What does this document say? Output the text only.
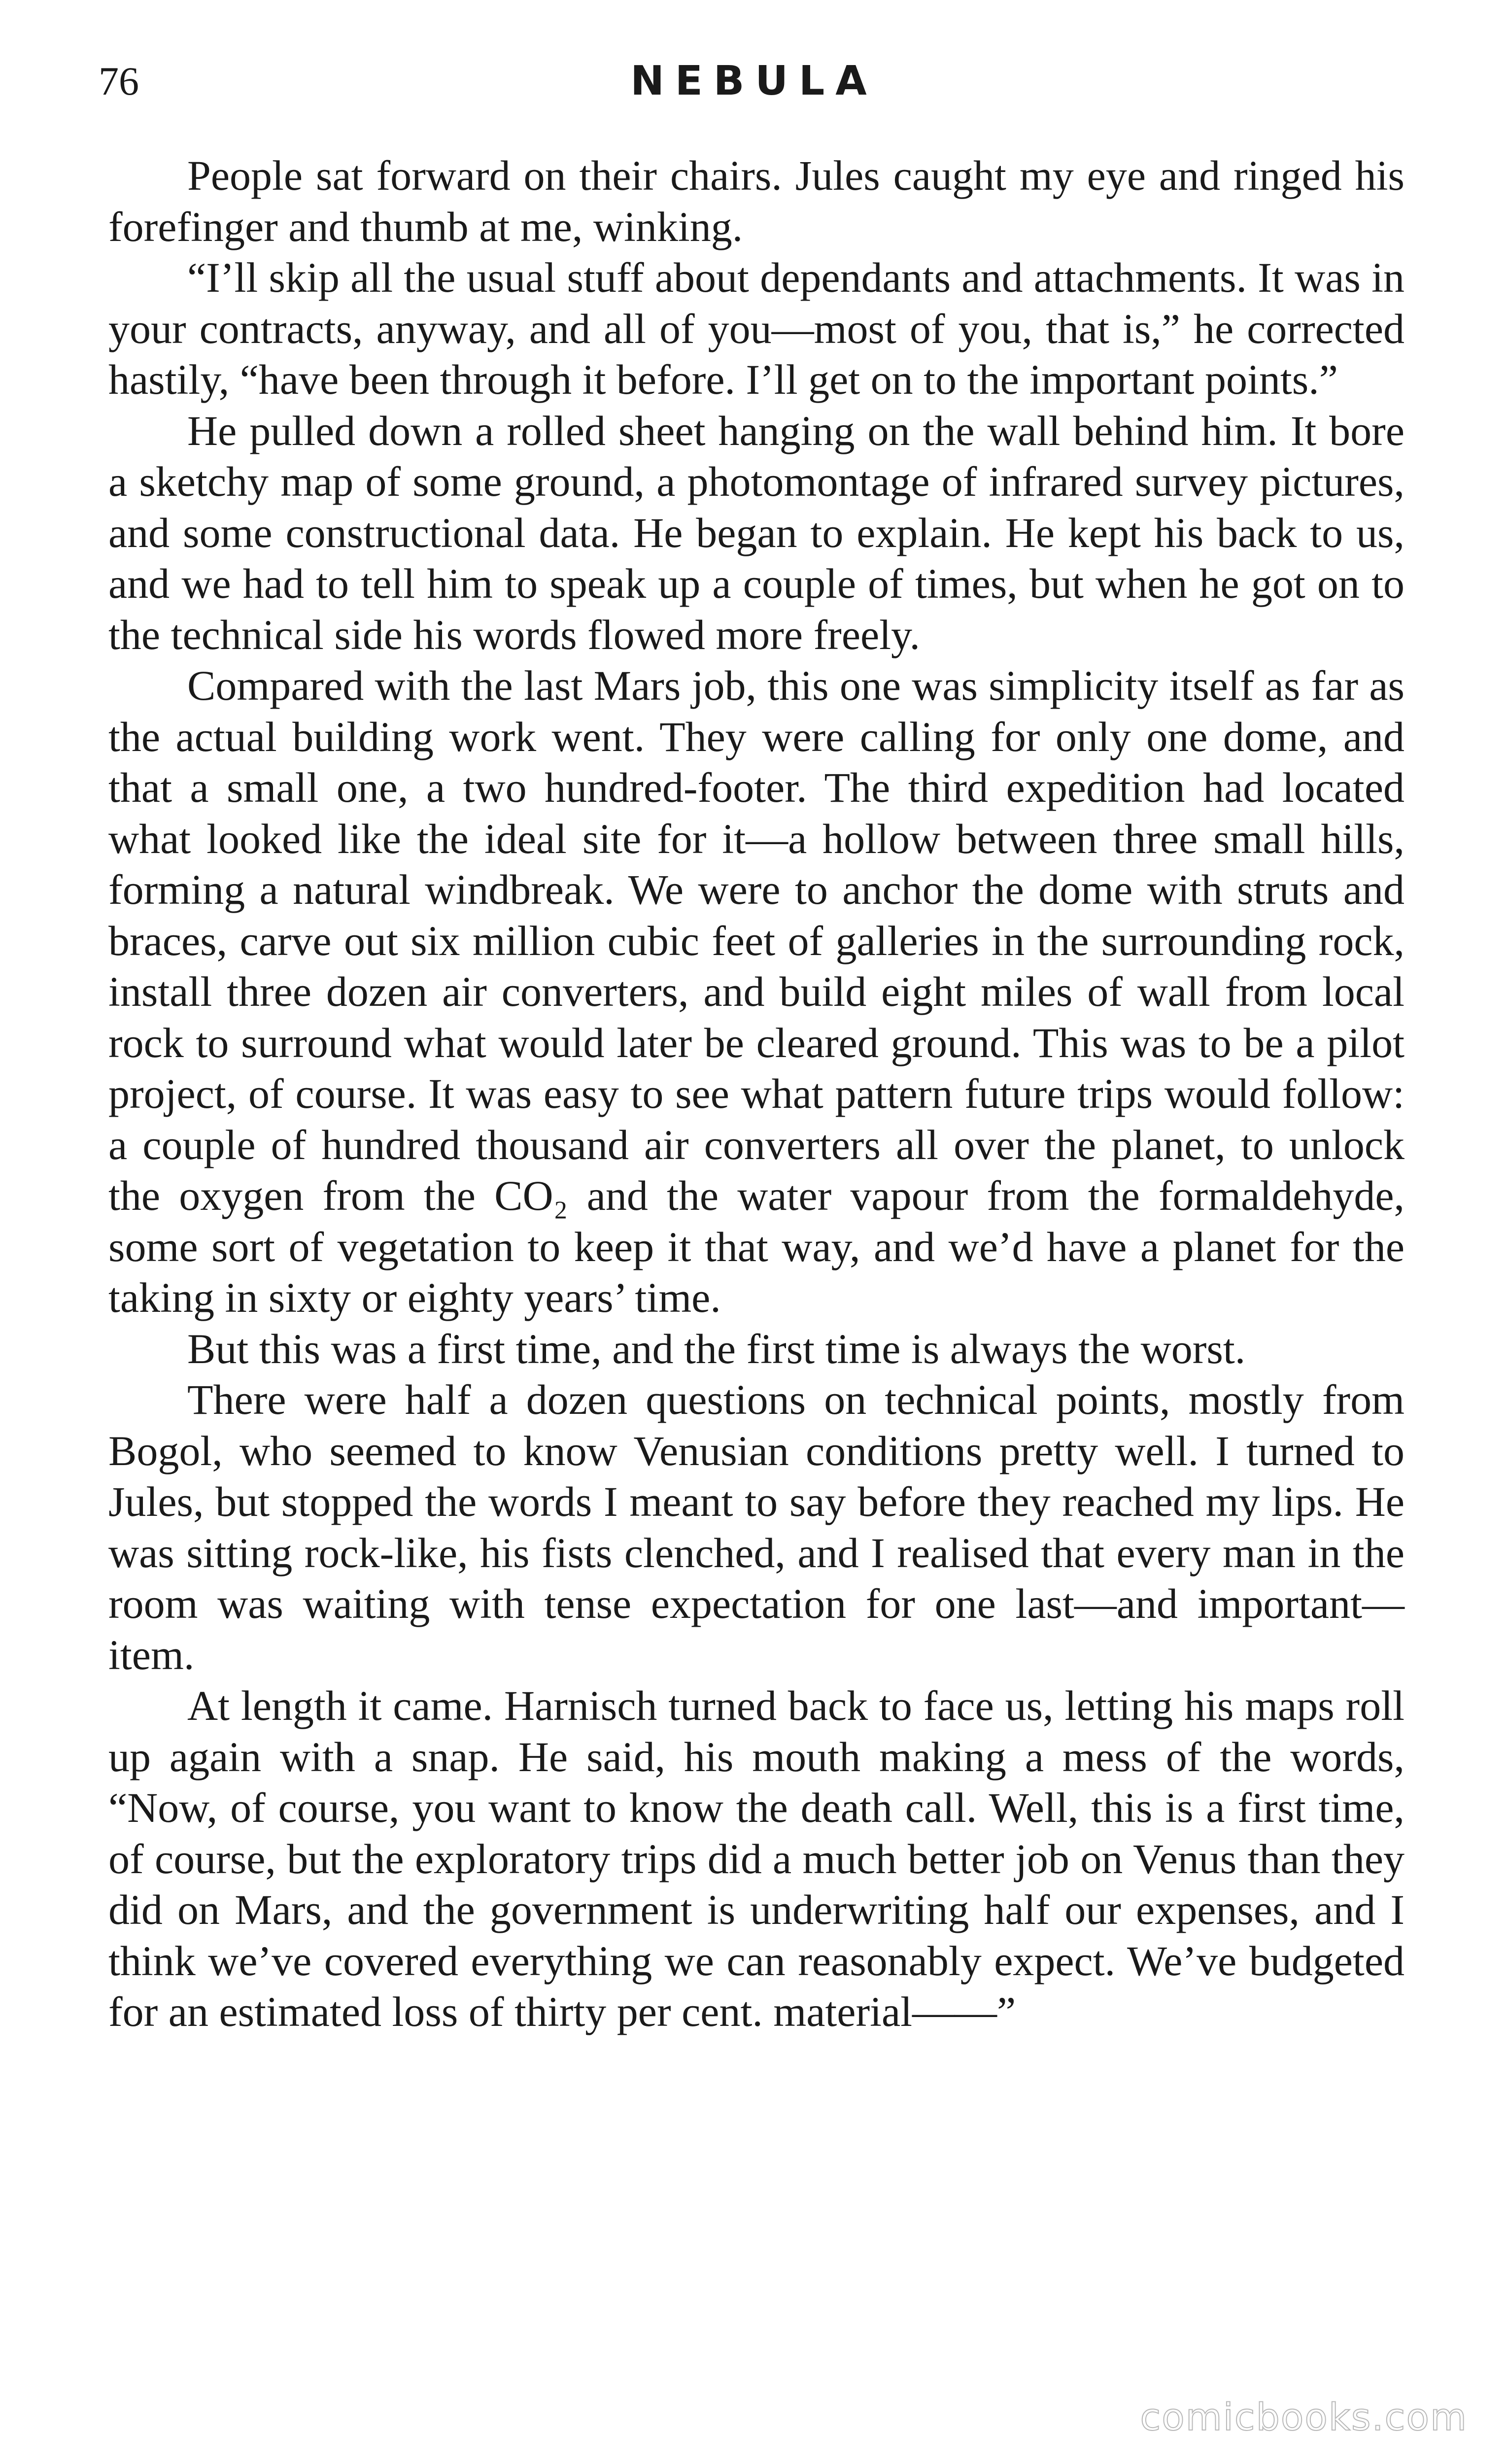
76	NEBULA

People sat forward on their chairs. Jules caught my eye and ringed his forefinger and thumb at me, winking.

“I’ll skip all the usual stuff about dependants and attachments. It was in your contracts, anyway, and all of you—most of you, that is,” he corrected hastily, “have been through it before. I’ll get on to the important points.”

He pulled down a rolled sheet hanging on the wall behind him. It bore a sketchy map of some ground, a photomontage of infrared survey pictures, and some constructional data. He began to explain. He kept his back to us, and we had to tell him to speak up a couple of times, but when he got on to the technical side his words flowed more freely.

Compared with the last Mars job, this one was simplicity itself as far as the actual building work went. They were calling for only one dome, and that a small one, a two hundred-footer. The third expedition had located what looked like the ideal site for it—a hollow between three small hills, forming a natural windbreak. We were to anchor the dome with struts and braces, carve out six million cubic feet of galleries in the surrounding rock, install three dozen air converters, and build eight miles of wall from local rock to surround what would later be cleared ground. This was to be a pilot project, of course. It was easy to see what pattern future trips would follow: a couple of hundred thousand air converters all over the planet, to unlock the oxygen from the CO₂ and the water vapour from the formaldehyde, some sort of vegetation to keep it that way, and we’d have a planet for the taking in sixty or eighty years’ time.

But this was a first time, and the first time is always the worst.

There were half a dozen questions on technical points, mostly from Bogol, who seemed to know Venusian conditions pretty well. I turned to Jules, but stopped the words I meant to say before they reached my lips. He was sitting rock-like, his fists clenched, and I realised that every man in the room was waiting with tense expectation for one last—and important—item.

At length it came. Harnisch turned back to face us, letting his maps roll up again with a snap. He said, his mouth making a mess of the words, “Now, of course, you want to know the death call. Well, this is a first time, of course, but the exploratory trips did a much better job on Venus than they did on Mars, and the government is underwriting half our expenses, and I think we’ve covered everything we can reasonably expect. We’ve budgeted for an estimated loss of thirty per cent. material——”

comicbooks.com
